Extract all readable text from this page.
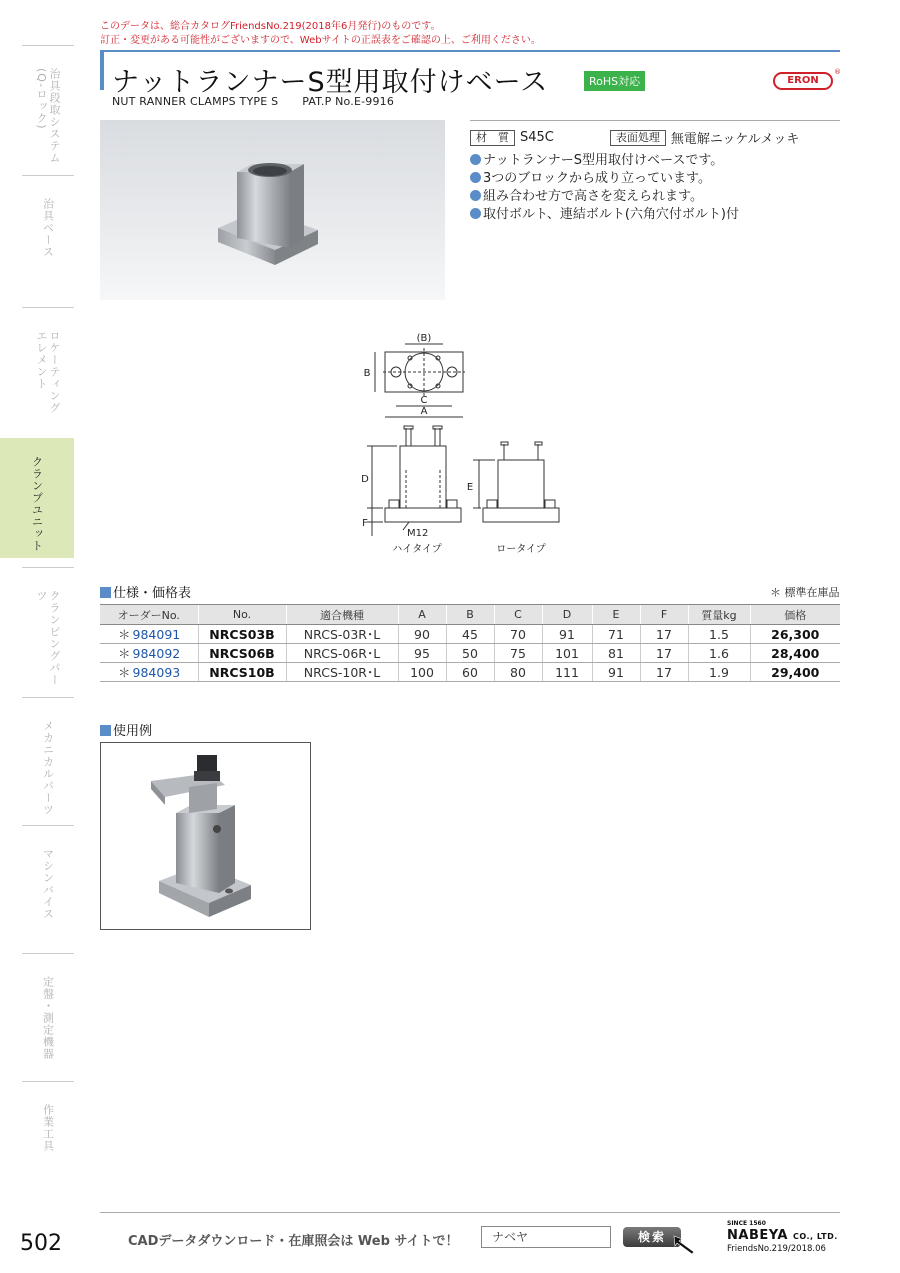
このデータは、総合カタログFriendsNo.219(2018年6月発行)のものです。
訂正・変更がある可能性がございますので、Webサイトの正誤表をご確認の上、ご利用ください。
治具段取システム
(Q-ロック)
治具ベース
ロケーティング
エレメント
クランプユニット
クランピングパーツ
メカニカルパーツ
マシンバイス
定盤・測定機器
作業工具
ナットランナーS型用取付けベース	RoHS対応	ERON
®
NUT RANNER CLAMPS TYPE S PAT.P No.E-9916
材　質 S45C	表面処理 無電解ニッケルメッキ
ナットランナーS型用取付けベースです。
3つのブロックから成り立っています。
組み合わせ方で高さを変えられます。
取付ボルト、連結ボルト(六角穴付ボルト)付
(B)
B
C
A
D
F
E
M12
ハイタイプ	ロータイプ
仕様・価格表	＊ 標準在庫品
オーダーNo.	No.	適合機種	A	B	C	D	E	F	質量kg	価格
＊ 984091	NRCS03B	NRCS-03R･L	90	45	70	91	71	17	1.5	26,300
＊ 984092	NRCS06B	NRCS-06R･L	95	50	75	101	81	17	1.6	28,400
＊ 984093	NRCS10B	NRCS-10R･L	100	60	80	111	91	17	1.9	29,400
使用例
502	CADデータダウンロード・在庫照会は Web サイトで！	ナベヤ	検索
SINCE 1560
NABEYA CO., LTD.
FriendsNo.219/2018.06
